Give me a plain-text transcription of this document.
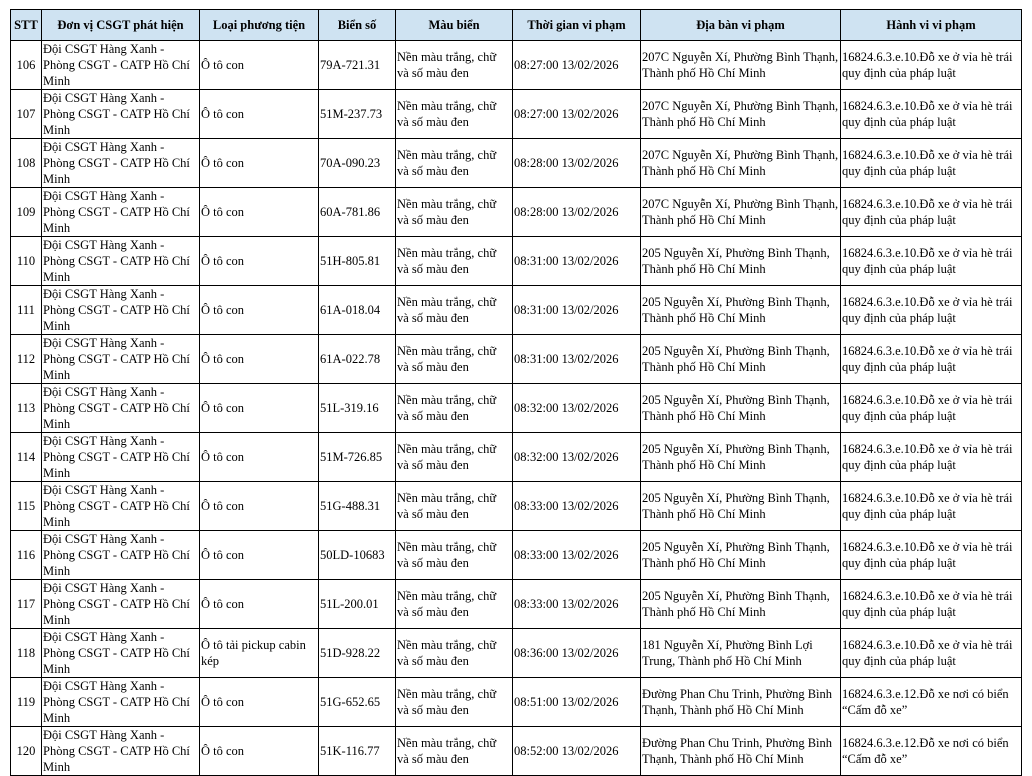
STT	Đơn vị CSGT phát hiện	Loại phương tiện	Biển số	Màu biển	Thời gian vi phạm	Địa bàn vi phạm	Hành vi vi phạm
106	Đội CSGT Hàng Xanh - Phòng CSGT - CATP Hồ Chí Minh	Ô tô con	79A-721.31	Nền màu trắng, chữ và số màu đen	08:27:00 13/02/2026	207C Nguyễn Xí, Phường Bình Thạnh, Thành phố Hồ Chí Minh	16824.6.3.e.10.Đỗ xe ở vỉa hè trái quy định của pháp luật
107	Đội CSGT Hàng Xanh - Phòng CSGT - CATP Hồ Chí Minh	Ô tô con	51M-237.73	Nền màu trắng, chữ và số màu đen	08:27:00 13/02/2026	207C Nguyễn Xí, Phường Bình Thạnh, Thành phố Hồ Chí Minh	16824.6.3.e.10.Đỗ xe ở vỉa hè trái quy định của pháp luật
108	Đội CSGT Hàng Xanh - Phòng CSGT - CATP Hồ Chí Minh	Ô tô con	70A-090.23	Nền màu trắng, chữ và số màu đen	08:28:00 13/02/2026	207C Nguyễn Xí, Phường Bình Thạnh, Thành phố Hồ Chí Minh	16824.6.3.e.10.Đỗ xe ở vỉa hè trái quy định của pháp luật
109	Đội CSGT Hàng Xanh - Phòng CSGT - CATP Hồ Chí Minh	Ô tô con	60A-781.86	Nền màu trắng, chữ và số màu đen	08:28:00 13/02/2026	207C Nguyễn Xí, Phường Bình Thạnh, Thành phố Hồ Chí Minh	16824.6.3.e.10.Đỗ xe ở vỉa hè trái quy định của pháp luật
110	Đội CSGT Hàng Xanh - Phòng CSGT - CATP Hồ Chí Minh	Ô tô con	51H-805.81	Nền màu trắng, chữ và số màu đen	08:31:00 13/02/2026	205 Nguyễn Xí, Phường Bình Thạnh, Thành phố Hồ Chí Minh	16824.6.3.e.10.Đỗ xe ở vỉa hè trái quy định của pháp luật
111	Đội CSGT Hàng Xanh - Phòng CSGT - CATP Hồ Chí Minh	Ô tô con	61A-018.04	Nền màu trắng, chữ và số màu đen	08:31:00 13/02/2026	205 Nguyễn Xí, Phường Bình Thạnh, Thành phố Hồ Chí Minh	16824.6.3.e.10.Đỗ xe ở vỉa hè trái quy định của pháp luật
112	Đội CSGT Hàng Xanh - Phòng CSGT - CATP Hồ Chí Minh	Ô tô con	61A-022.78	Nền màu trắng, chữ và số màu đen	08:31:00 13/02/2026	205 Nguyễn Xí, Phường Bình Thạnh, Thành phố Hồ Chí Minh	16824.6.3.e.10.Đỗ xe ở vỉa hè trái quy định của pháp luật
113	Đội CSGT Hàng Xanh - Phòng CSGT - CATP Hồ Chí Minh	Ô tô con	51L-319.16	Nền màu trắng, chữ và số màu đen	08:32:00 13/02/2026	205 Nguyễn Xí, Phường Bình Thạnh, Thành phố Hồ Chí Minh	16824.6.3.e.10.Đỗ xe ở vỉa hè trái quy định của pháp luật
114	Đội CSGT Hàng Xanh - Phòng CSGT - CATP Hồ Chí Minh	Ô tô con	51M-726.85	Nền màu trắng, chữ và số màu đen	08:32:00 13/02/2026	205 Nguyễn Xí, Phường Bình Thạnh, Thành phố Hồ Chí Minh	16824.6.3.e.10.Đỗ xe ở vỉa hè trái quy định của pháp luật
115	Đội CSGT Hàng Xanh - Phòng CSGT - CATP Hồ Chí Minh	Ô tô con	51G-488.31	Nền màu trắng, chữ và số màu đen	08:33:00 13/02/2026	205 Nguyễn Xí, Phường Bình Thạnh, Thành phố Hồ Chí Minh	16824.6.3.e.10.Đỗ xe ở vỉa hè trái quy định của pháp luật
116	Đội CSGT Hàng Xanh - Phòng CSGT - CATP Hồ Chí Minh	Ô tô con	50LD-10683	Nền màu trắng, chữ và số màu đen	08:33:00 13/02/2026	205 Nguyễn Xí, Phường Bình Thạnh, Thành phố Hồ Chí Minh	16824.6.3.e.10.Đỗ xe ở vỉa hè trái quy định của pháp luật
117	Đội CSGT Hàng Xanh - Phòng CSGT - CATP Hồ Chí Minh	Ô tô con	51L-200.01	Nền màu trắng, chữ và số màu đen	08:33:00 13/02/2026	205 Nguyễn Xí, Phường Bình Thạnh, Thành phố Hồ Chí Minh	16824.6.3.e.10.Đỗ xe ở vỉa hè trái quy định của pháp luật
118	Đội CSGT Hàng Xanh - Phòng CSGT - CATP Hồ Chí Minh	Ô tô tải pickup cabin kép	51D-928.22	Nền màu trắng, chữ và số màu đen	08:36:00 13/02/2026	181 Nguyễn Xí, Phường Bình Lợi Trung, Thành phố Hồ Chí Minh	16824.6.3.e.10.Đỗ xe ở vỉa hè trái quy định của pháp luật
119	Đội CSGT Hàng Xanh - Phòng CSGT - CATP Hồ Chí Minh	Ô tô con	51G-652.65	Nền màu trắng, chữ và số màu đen	08:51:00 13/02/2026	Đường Phan Chu Trinh, Phường Bình Thạnh, Thành phố Hồ Chí Minh	16824.6.3.e.12.Đỗ xe nơi có biển “Cấm đỗ xe”
120	Đội CSGT Hàng Xanh - Phòng CSGT - CATP Hồ Chí Minh	Ô tô con	51K-116.77	Nền màu trắng, chữ và số màu đen	08:52:00 13/02/2026	Đường Phan Chu Trinh, Phường Bình Thạnh, Thành phố Hồ Chí Minh	16824.6.3.e.12.Đỗ xe nơi có biển “Cấm đỗ xe”
